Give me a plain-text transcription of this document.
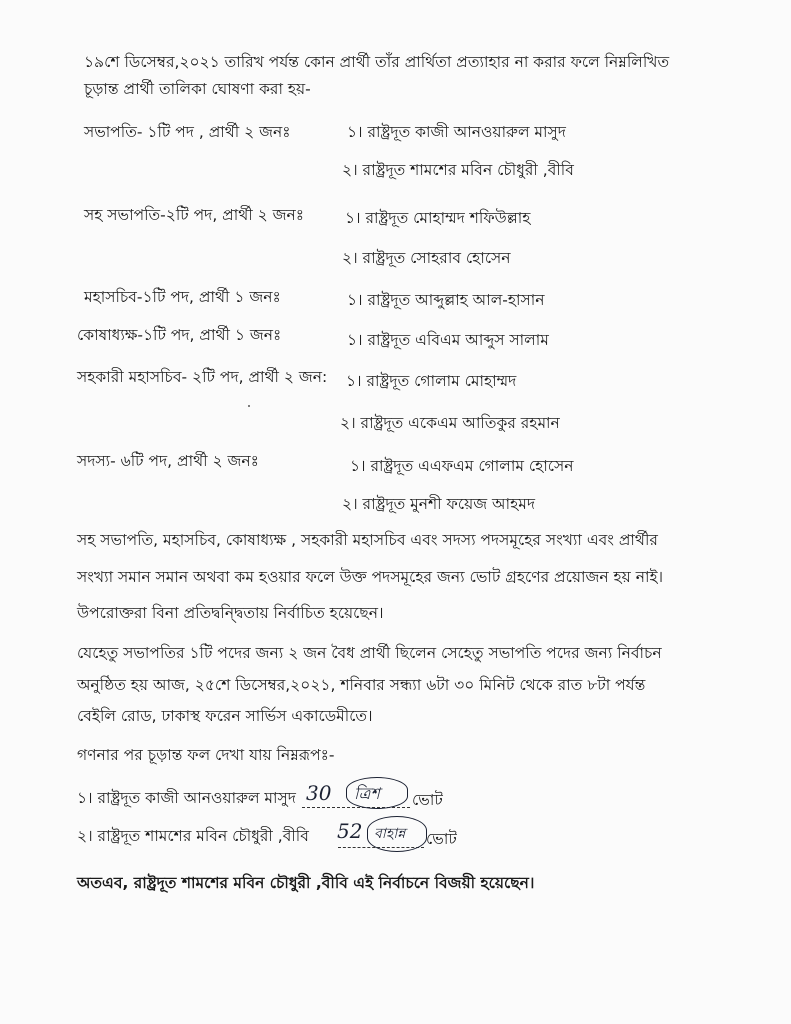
১৯শে ডিসেম্বর,২০২১ তারিখ পর্যন্ত কোন প্রার্থী তাঁর প্রার্থিতা প্রত্যাহার না করার ফলে নিম্নলিখিত
চূড়ান্ত প্রার্থী তালিকা ঘোষণা করা হয়-
সভাপতি- ১টি পদ , প্রার্থী ২ জনঃ	১। রাষ্ট্রদূত কাজী আনওয়ারুল মাসুদ
২। রাষ্ট্রদূত শামশের মবিন চৌধুরী ,বীবি
সহ সভাপতি-২টি পদ, প্রার্থী ২ জনঃ	১। রাষ্ট্রদূত মোহাম্মদ শফিউল্লাহ
২। রাষ্ট্রদূত সোহরাব হোসেন
মহাসচিব-১টি পদ, প্রার্থী ১ জনঃ	১। রাষ্ট্রদূত আব্দুল্লাহ আল-হাসান
কোষাধ্যক্ষ-১টি পদ, প্রার্থী ১ জনঃ	১। রাষ্ট্রদূত এবিএম আব্দুস সালাম
সহকারী মহাসচিব- ২টি পদ, প্রার্থী ২ জন: ১। রাষ্ট্রদূত গোলাম মোহাম্মদ
২। রাষ্ট্রদূত একেএম আতিকুর রহমান
সদস্য- ৬টি পদ, প্রার্থী ২ জনঃ	১। রাষ্ট্রদূত এএফএম গোলাম হোসেন
২। রাষ্ট্রদূত মুনশী ফয়েজ আহমদ
সহ সভাপতি, মহাসচিব, কোষাধ্যক্ষ , সহকারী মহাসচিব এবং সদস্য পদসমূহের সংখ্যা এবং প্রার্থীর
সংখ্যা সমান সমান অথবা কম হওয়ার ফলে উক্ত পদসমূহের জন্য ভোট গ্রহণের প্রয়োজন হয় নাই।
উপরোক্তরা বিনা প্রতিদ্বন্দ্বিতায় নির্বাচিত হয়েছেন।
যেহেতু সভাপতির ১টি পদের জন্য ২ জন বৈধ প্রার্থী ছিলেন সেহেতু সভাপতি পদের জন্য নির্বাচন
অনুষ্ঠিত হয় আজ, ২৫শে ডিসেম্বর,২০২১, শনিবার সন্ধ্যা ৬টা ৩০ মিনিট থেকে রাত ৮টা পর্যন্ত
বেইলি রোড, ঢাকাস্থ ফরেন সার্ভিস একাডেমীতে।
গণনার পর চূড়ান্ত ফল দেখা যায় নিম্নরূপঃ-
১। রাষ্ট্রদূত কাজী আনওয়ারুল মাসুদ 30 ত্রিশ ভোট
২। রাষ্ট্রদূত শামশের মবিন চৌধুরী ,বীবি 52 বাহান্ন ভোট
অতএব, রাষ্ট্রদূত শামশের মবিন চৌধুরী ,বীবি এই নির্বাচনে বিজয়ী হয়েছেন।
